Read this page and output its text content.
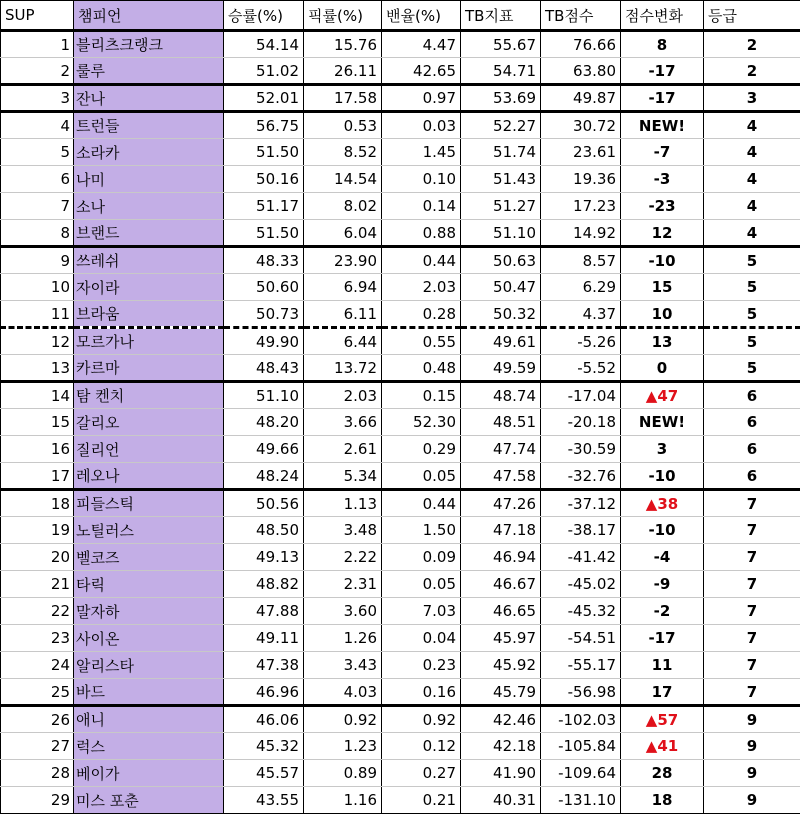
SUP	챔피언	승률(%)	픽률(%)	밴율(%)	TB지표	TB점수	점수변화	등급
1	블리츠크랭크	54.14	15.76	4.47	55.67	76.66	8	2
2	룰루	51.02	26.11	42.65	54.71	63.80	-17	2
3	잔나	52.01	17.58	0.97	53.69	49.87	-17	3
4	트런들	56.75	0.53	0.03	52.27	30.72	NEW!	4
5	소라카	51.50	8.52	1.45	51.74	23.61	-7	4
6	나미	50.16	14.54	0.10	51.43	19.36	-3	4
7	소나	51.17	8.02	0.14	51.27	17.23	-23	4
8	브랜드	51.50	6.04	0.88	51.10	14.92	12	4
9	쓰레쉬	48.33	23.90	0.44	50.63	8.57	-10	5
10	자이라	50.60	6.94	2.03	50.47	6.29	15	5
11	브라움	50.73	6.11	0.28	50.32	4.37	10	5
12	모르가나	49.90	6.44	0.55	49.61	-5.26	13	5
13	카르마	48.43	13.72	0.48	49.59	-5.52	0	5
14	탐 켄치	51.10	2.03	0.15	48.74	-17.04	▲47	6
15	갈리오	48.20	3.66	52.30	48.51	-20.18	NEW!	6
16	질리언	49.66	2.61	0.29	47.74	-30.59	3	6
17	레오나	48.24	5.34	0.05	47.58	-32.76	-10	6
18	피들스틱	50.56	1.13	0.44	47.26	-37.12	▲38	7
19	노틸러스	48.50	3.48	1.50	47.18	-38.17	-10	7
20	벨코즈	49.13	2.22	0.09	46.94	-41.42	-4	7
21	타릭	48.82	2.31	0.05	46.67	-45.02	-9	7
22	말자하	47.88	3.60	7.03	46.65	-45.32	-2	7
23	사이온	49.11	1.26	0.04	45.97	-54.51	-17	7
24	알리스타	47.38	3.43	0.23	45.92	-55.17	11	7
25	바드	46.96	4.03	0.16	45.79	-56.98	17	7
26	애니	46.06	0.92	0.92	42.46	-102.03	▲57	9
27	럭스	45.32	1.23	0.12	42.18	-105.84	▲41	9
28	베이가	45.57	0.89	0.27	41.90	-109.64	28	9
29	미스 포춘	43.55	1.16	0.21	40.31	-131.10	18	9
